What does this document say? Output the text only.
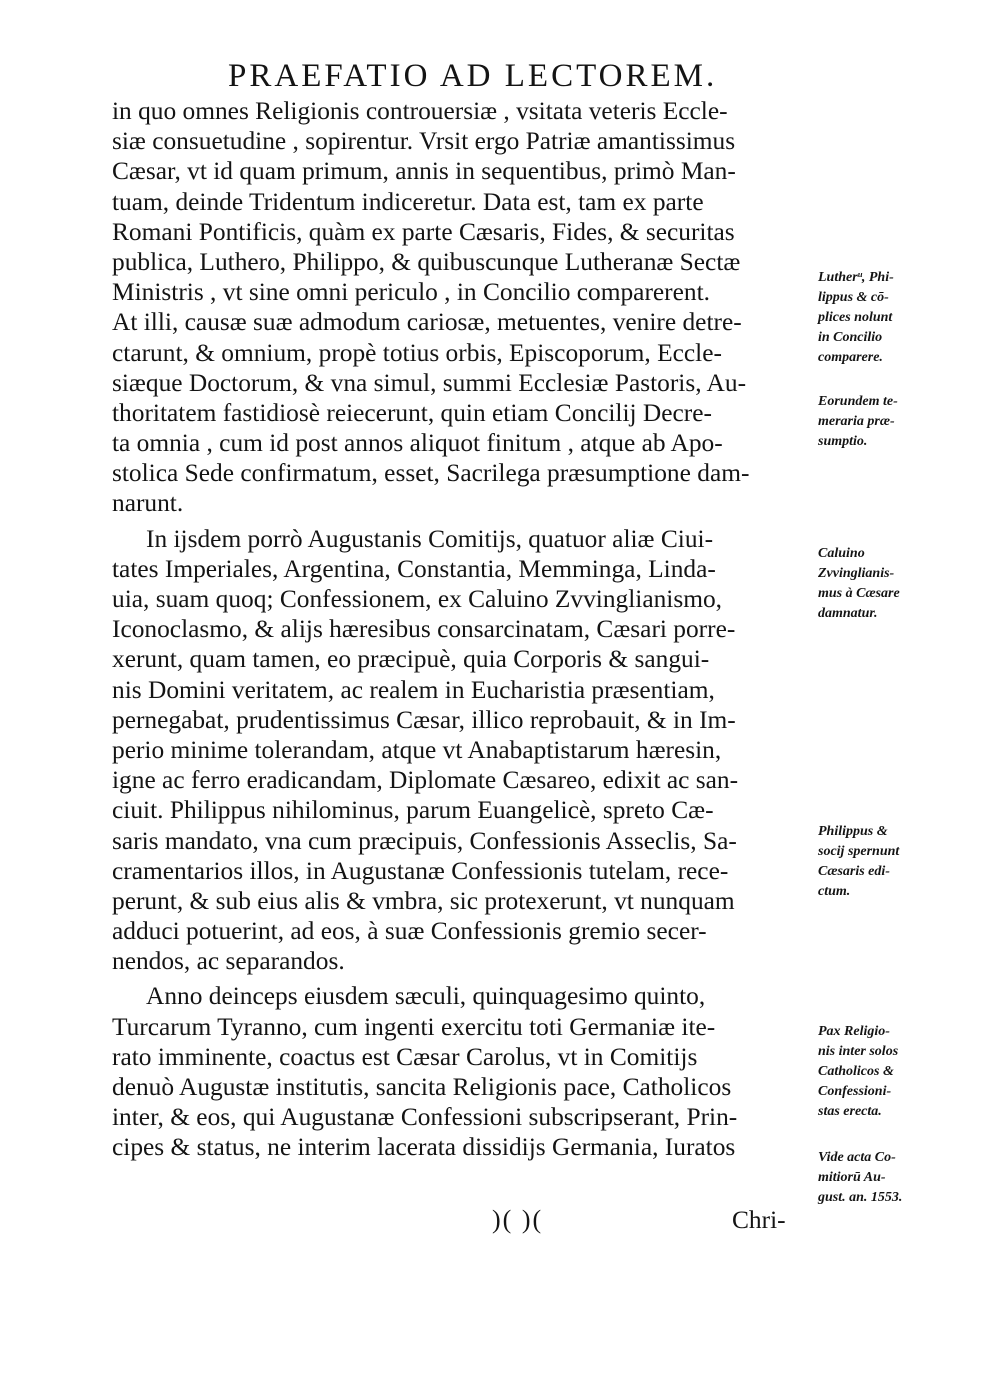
PRAEFATIO AD LECTOREM.
in quo omnes Religionis controuersiæ , vsitata veteris Eccle-
siæ consuetudine , sopirentur. Vrsit ergo Patriæ amantissimus
Cæsar, vt id quam primum, annis in sequentibus, primò Man-
tuam, deinde Tridentum indiceretur. Data est, tam ex parte
Romani Pontificis, quàm ex parte Cæsaris, Fides, & securitas
publica, Luthero, Philippo, & quibuscunque Lutheranæ Sectæ
Ministris , vt sine omni periculo , in Concilio comparerent.
At illi, causæ suæ admodum cariosæ, metuentes, venire detre-
ctarunt, & omnium, propè totius orbis, Episcoporum, Eccle-
siæque Doctorum, & vna simul, summi Ecclesiæ Pastoris, Au-
thoritatem fastidiosè reiecerunt, quin etiam Concilij Decre-
ta omnia , cum id post annos aliquot finitum , atque ab Apo-
stolica Sede confirmatum, esset, Sacrilega præsumptione dam-
narunt.
In ijsdem porrò Augustanis Comitijs, quatuor aliæ Ciui-
tates Imperiales, Argentina, Constantia, Memminga, Linda-
uia, suam quoq; Confessionem, ex Caluino Zvvinglianismo,
Iconoclasmo, & alijs hæresibus consarcinatam, Cæsari porre-
xerunt, quam tamen, eo præcipuè, quia Corporis & sangui-
nis Domini veritatem, ac realem in Eucharistia præsentiam,
pernegabat, prudentissimus Cæsar, illico reprobauit, & in Im-
perio minime tolerandam, atque vt Anabaptistarum hæresin,
igne ac ferro eradicandam, Diplomate Cæsareo, edixit ac san-
ciuit. Philippus nihilominus, parum Euangelicè, spreto Cæ-
saris mandato, vna cum præcipuis, Confessionis Asseclis, Sa-
cramentarios illos, in Augustanæ Confessionis tutelam, rece-
perunt, & sub eius alis & vmbra, sic protexerunt, vt nunquam
adduci potuerint, ad eos, à suæ Confessionis gremio secer-
nendos, ac separandos.
Anno deinceps eiusdem sæculi, quinquagesimo quinto,
Turcarum Tyranno, cum ingenti exercitu toti Germaniæ ite-
rato imminente, coactus est Cæsar Carolus, vt in Comitijs
denuò Augustæ institutis, sancita Religionis pace, Catholicos
inter, & eos, qui Augustanæ Confessioni subscripserant, Prin-
cipes & status, ne interim lacerata dissidijs Germania, Iuratos
Lutherᵘ, Phi-
lippus & cō-
plices nolunt
in Concilio
comparere.
Eorundem te-
meraria præ-
sumptio.
Caluino
Zvvinglianis-
mus à Cæsare
damnatur.
Philippus &
socij spernunt
Cæsaris edi-
ctum.
Pax Religio-
nis inter solos
Catholicos &
Confessioni-
stas erecta.
Vide acta Co-
mitiorū Au-
gust. an. 1553.
)( )(	Chri-
